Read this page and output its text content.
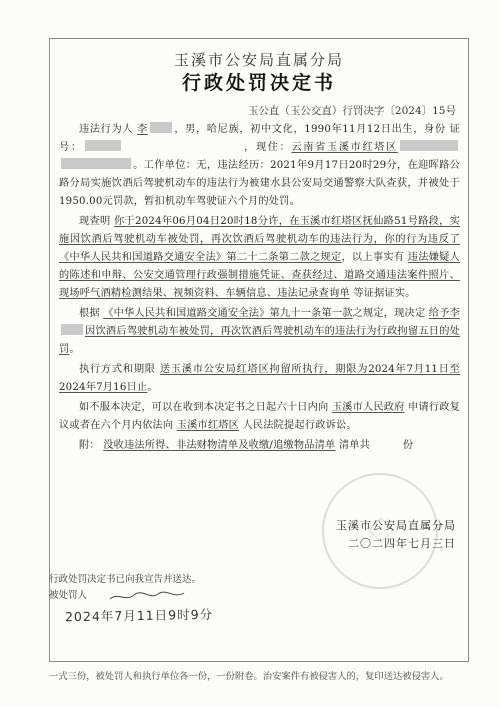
玉溪市公安局直属分局
行政处罚决定书
玉公直（玉公交直）行罚决字〔2024〕15号

违法行为人 李	，男，哈尼族，初中文化，1990年11月12日出生，身份 证号：	，现住：云南省玉溪市红塔区。工作单位：无，违法经历：2021年9月17日20时29分，在迎晖路公路分局实施饮酒后驾驶机动车的违法行为被建水县公安局交通警察大队查获，并被处于1950.00元罚款，暂扣机动车驾驶证六个月的处罚。

现查明 你于2024年06月04日20时18分许，在玉溪市红塔区抚仙路51号路段，实施因饮酒后驾驶机动车被处罚，再次饮酒后驾驶机动车的违法行为，你的行为违反了《中华人民共和国道路交通安全法》第二十二条第二款之规定，以上事实有 违法嫌疑人的陈述和申辩、公安交通管理行政强制措施凭证、查获经过、道路交通违法案件照片、现场呼气酒精检测结果、视频资料、车辆信息、违法记录查询单 等证据证实。

根据 《中华人民共和国道路交通安全法》第九十一条第一款之规定，现决定 给予李因饮酒后驾驶机动车被处罚，再次饮酒后驾驶机动车的违法行为行政拘留五日的处罚。

执行方式和期限 送玉溪市公安局红塔区拘留所执行，期限为2024年7月11日至2024年7月16日止。

如不服本决定，可以在收到本决定书之日起六十日内向 玉溪市人民政府 申请行政复议或者在六个月内依法向 玉溪市红塔区 人民法院提起行政诉讼。

附： 没收违法所得、非法财物清单及收缴/追缴物品清单 清单共	份

玉溪市公安局直属分局
二〇二四年七月三日
行政处罚决定书已向我宣告并送达。
被处罚人
2024年7月11日9时9分
一式三份，被处罚人和执行单位各一份，一份附卷。治安案件有被侵害人的，复印送达被侵害人。
